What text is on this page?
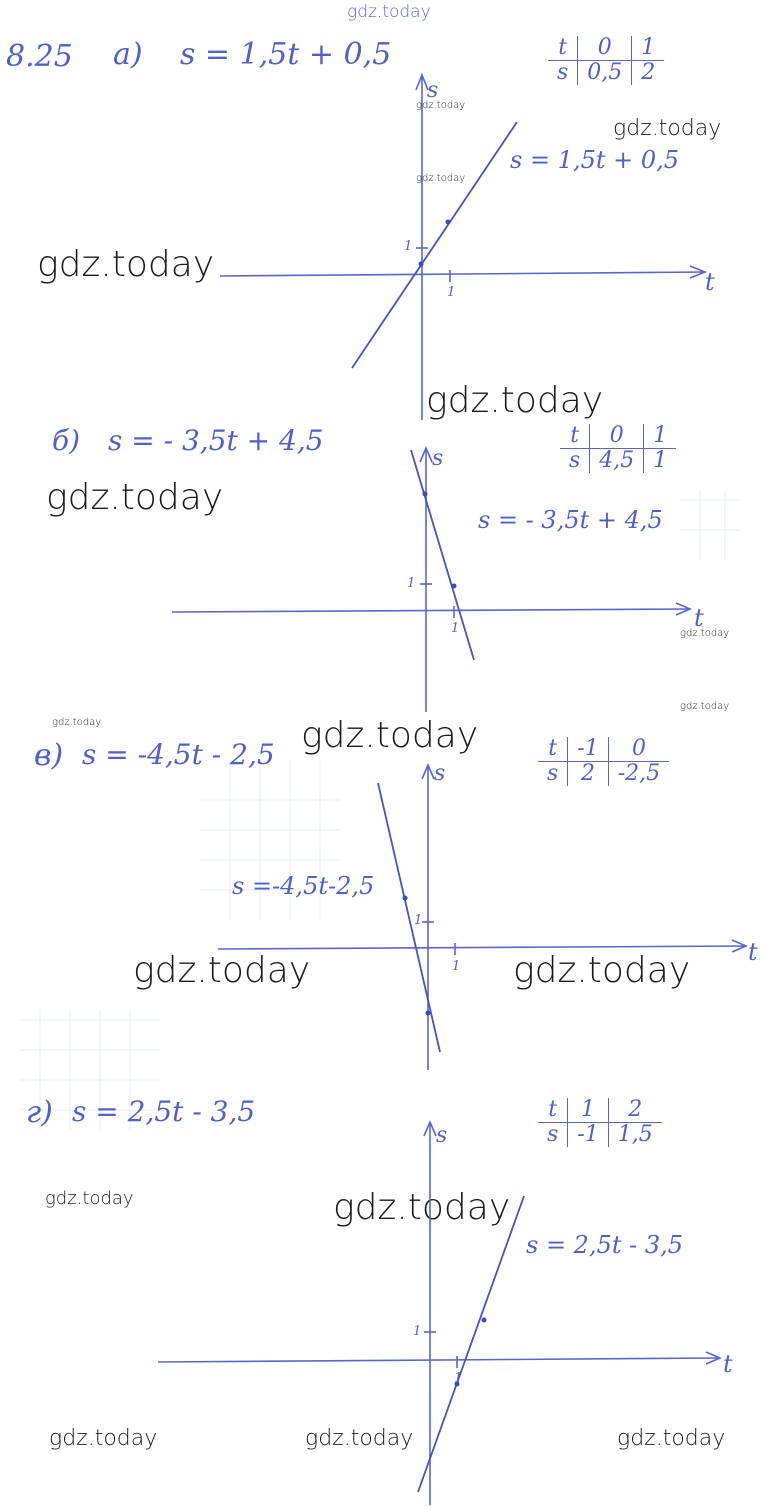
gdz.today
8.25 а) s = 1,5t + 0,5	t	0	1
s	0,5	2
1
1
t
s
s = 1,5t + 0,5
gdz.today
gdz.today
gdz.today
gdz.today
gdz.today
б) s = - 3,5t + 4,5	t	0	1
s	4,5	1
1
1
t
s
s = - 3,5t + 4,5
gdz.today
gdz.today
gdz.today
gdz.today
в) s = -4,5t - 2,5 gdz.today	t	-1	0
s	2	-2,5
1
1
t
s
s =-4,5t-2,5
gdz.today	gdz.today
г) s = 2,5t - 3,5	t	1	2
s	-1	1,5
gdz.today	gdz.today
1
1
t
s
s = 2,5t - 3,5
gdz.today	gdz.today	gdz.today
